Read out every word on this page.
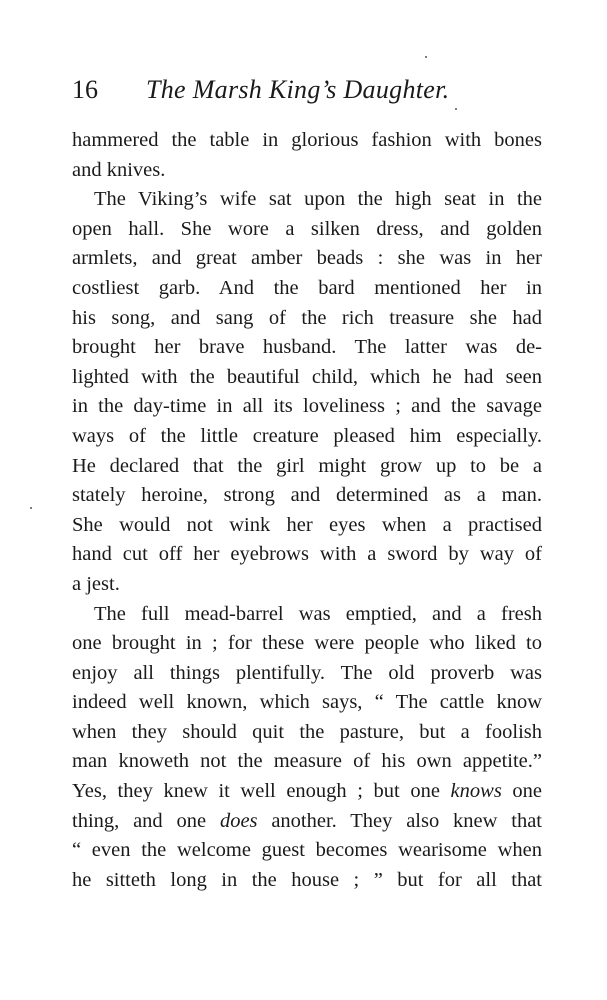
16 The Marsh King’s Daughter.
hammered the table in glorious fashion with bones
and knives.
The Viking’s wife sat upon the high seat in the
open hall. She wore a silken dress, and golden
armlets, and great amber beads : she was in her
costliest garb. And the bard mentioned her in
his song, and sang of the rich treasure she had
brought her brave husband. The latter was de-
lighted with the beautiful child, which he had seen
in the day-time in all its loveliness ; and the savage
ways of the little creature pleased him especially.
He declared that the girl might grow up to be a
stately heroine, strong and determined as a man.
She would not wink her eyes when a practised
hand cut off her eyebrows with a sword by way of
a jest.
The full mead-barrel was emptied, and a fresh
one brought in ; for these were people who liked to
enjoy all things plentifully. The old proverb was
indeed well known, which says, “ The cattle know
when they should quit the pasture, but a foolish
man knoweth not the measure of his own appetite.”
Yes, they knew it well enough ; but one knows one
thing, and one does another. They also knew that
“ even the welcome guest becomes wearisome when
he sitteth long in the house ; ” but for all that
